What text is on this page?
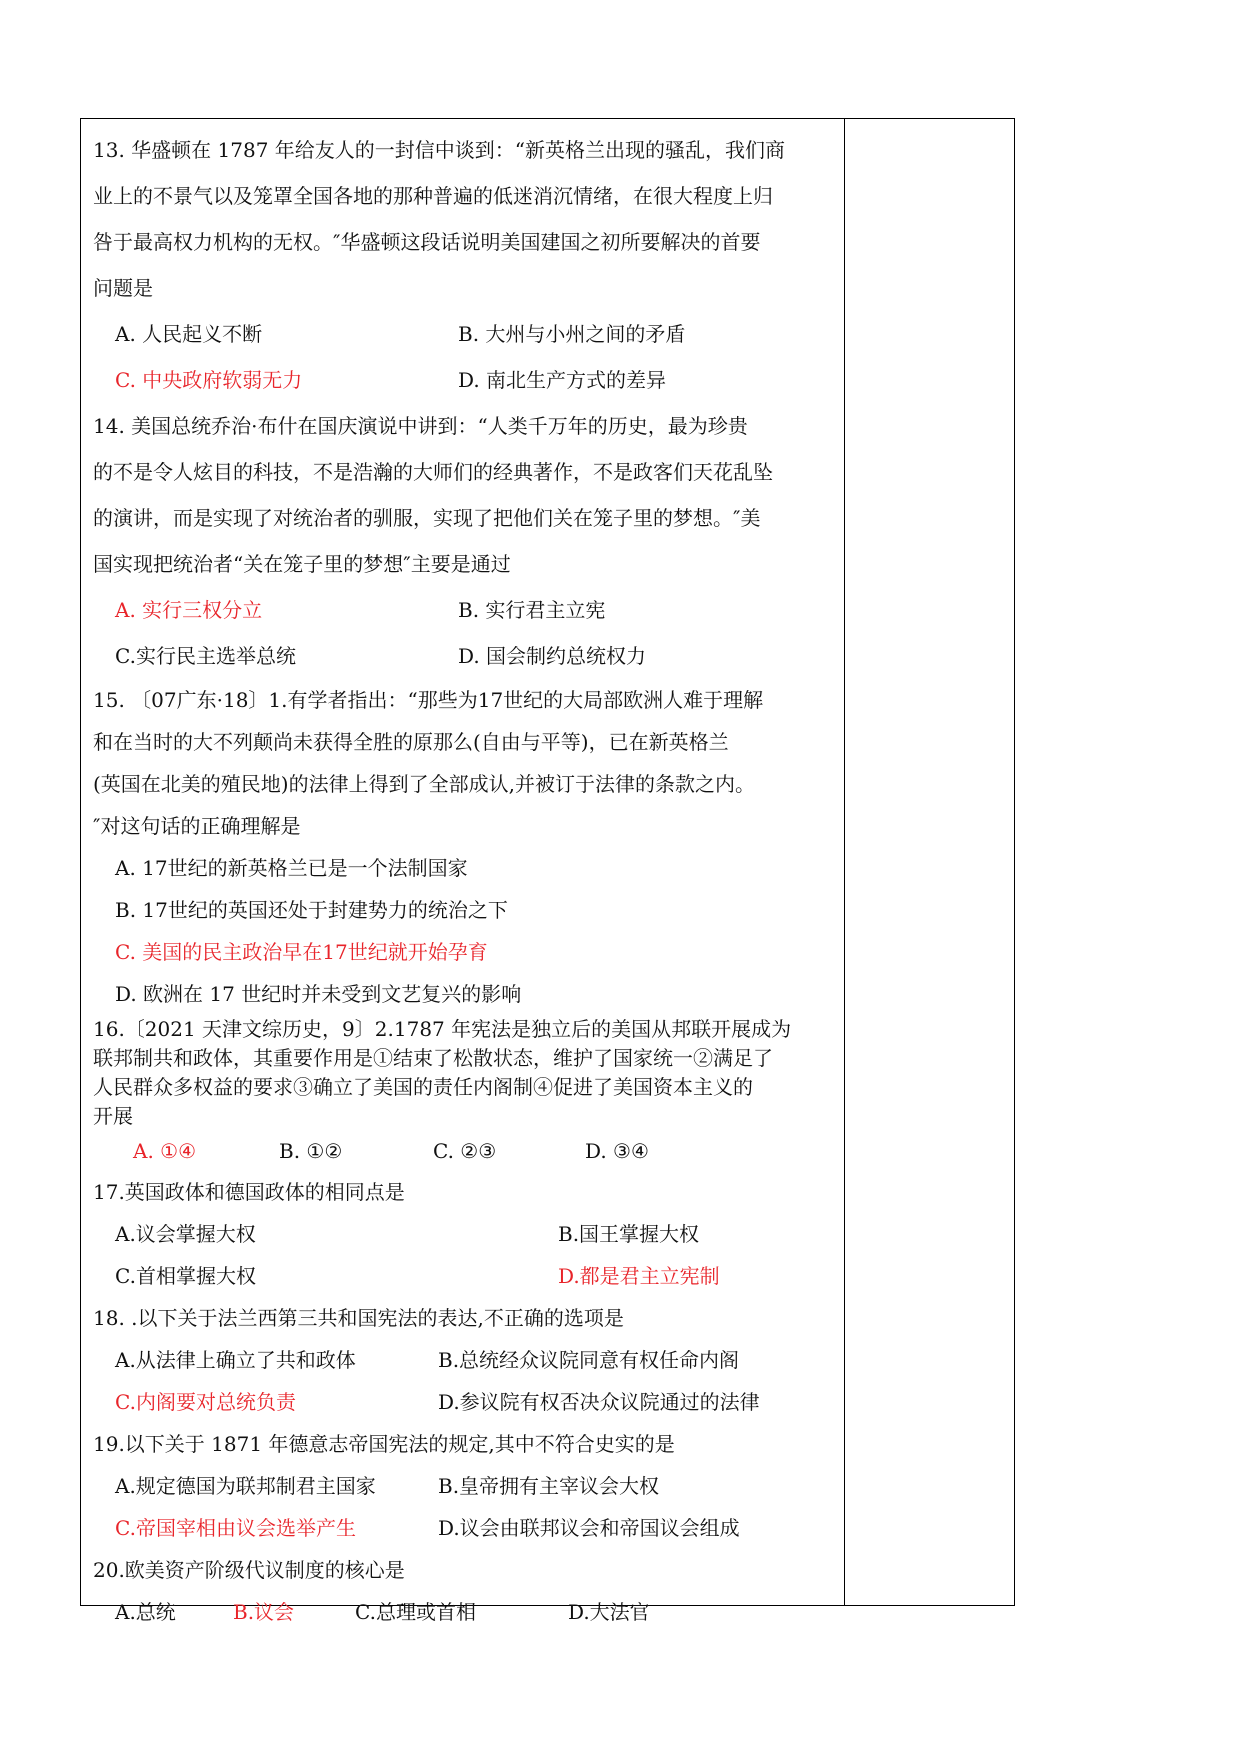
13. 华盛顿在 1787 年给友人的一封信中谈到：“新英格兰出现的骚乱，我们商

业上的不景气以及笼罩全国各地的那种普遍的低迷消沉情绪，在很大程度上归

咎于最高权力机构的无权。″华盛顿这段话说明美国建国之初所要解决的首要

问题是

A. 人民起义不断	B. 大州与小州之间的矛盾
C. 中央政府软弱无力	D. 南北生产方式的差异

14. 美国总统乔治·布什在国庆演说中讲到：“人类千万年的历史，最为珍贵

的不是令人炫目的科技，不是浩瀚的大师们的经典著作，不是政客们天花乱坠

的演讲，而是实现了对统治者的驯服，实现了把他们关在笼子里的梦想。″美

国实现把统治者“关在笼子里的梦想″主要是通过

A. 实行三权分立	B. 实行君主立宪
C.实行民主选举总统	D. 国会制约总统权力

15. 〔07广东·18〕1.有学者指出：“那些为17世纪的大局部欧洲人难于理解

和在当时的大不列颠尚未获得全胜的原那么(自由与平等)，已在新英格兰

(英国在北美的殖民地)的法律上得到了全部成认,并被订于法律的条款之内。

″对这句话的正确理解是

A. 17世纪的新英格兰已是一个法制国家

B. 17世纪的英国还处于封建势力的统治之下

C. 美国的民主政治早在17世纪就开始孕育

D. 欧洲在 17 世纪时并未受到文艺复兴的影响

16.〔2021 天津文综历史，9〕2.1787 年宪法是独立后的美国从邦联开展成为

联邦制共和政体，其重要作用是①结束了松散状态，维护了国家统一②满足了

人民群众多权益的要求③确立了美国的责任内阁制④促进了美国资本主义的

开展

A. ①④	B. ①②	C. ②③	D. ③④

17.英国政体和德国政体的相同点是

A.议会掌握大权	B.国王掌握大权
C.首相掌握大权	D.都是君主立宪制

18. .以下关于法兰西第三共和国宪法的表达,不正确的选项是

A.从法律上确立了共和政体	B.总统经众议院同意有权任命内阁
C.内阁要对总统负责	D.参议院有权否决众议院通过的法律

19.以下关于 1871 年德意志帝国宪法的规定,其中不符合史实的是

A.规定德国为联邦制君主国家	B.皇帝拥有主宰议会大权
C.帝国宰相由议会选举产生	D.议会由联邦议会和帝国议会组成

20.欧美资产阶级代议制度的核心是

A.总统	B.议会	C.总理或首相	D.大法官
